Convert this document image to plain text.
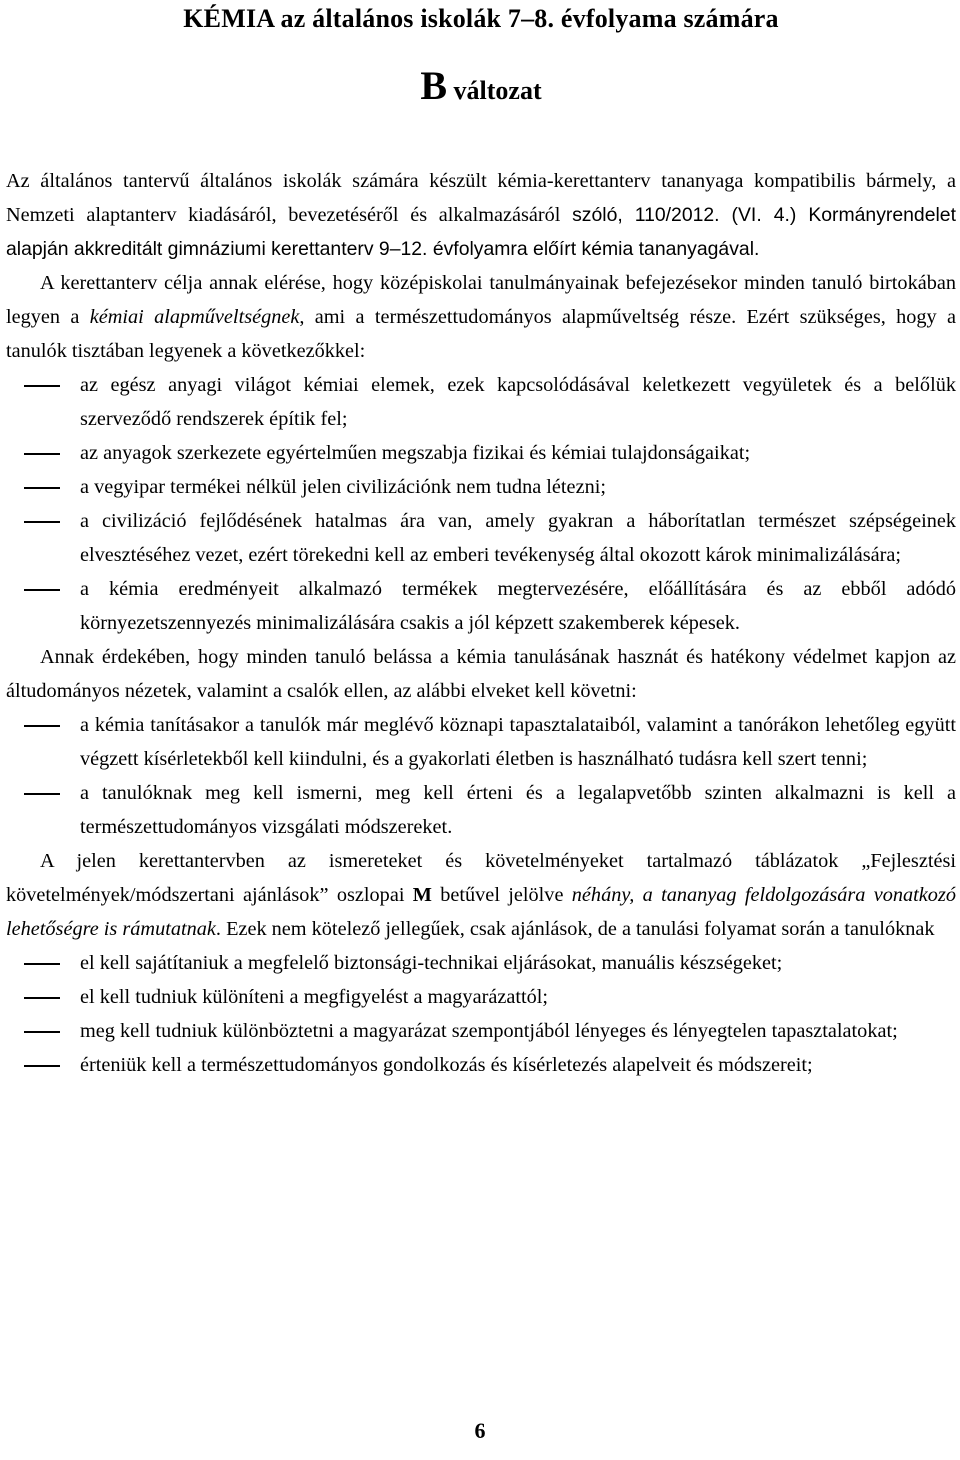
KÉMIA az általános iskolák 7–8. évfolyama számára
B változat

Az általános tantervű általános iskolák számára készült kémia-kerettanterv tananyaga kompatibilis bármely, a Nemzeti alaptanterv kiadásáról, bevezetéséről és alkalmazásáról szóló, 110/2012. (VI. 4.) Kormányrendelet alapján akkreditált gimnáziumi kerettanterv 9–12. évfolyamra előírt kémia tananyagával.

A kerettanterv célja annak elérése, hogy középiskolai tanulmányainak befejezésekor minden tanuló birtokában legyen a kémiai alapműveltségnek, ami a természettudományos alapműveltség része. Ezért szükséges, hogy a tanulók tisztában legyenek a következőkkel:

az egész anyagi világot kémiai elemek, ezek kapcsolódásával keletkezett vegyületek és a belőlük szerveződő rendszerek építik fel;
az anyagok szerkezete egyértelműen megszabja fizikai és kémiai tulajdonságaikat;
a vegyipar termékei nélkül jelen civilizációnk nem tudna létezni;
a civilizáció fejlődésének hatalmas ára van, amely gyakran a háborítatlan természet szépségeinek elvesztéséhez vezet, ezért törekedni kell az emberi tevékenység által okozott károk minimalizálására;
a kémia eredményeit alkalmazó termékek megtervezésére, előállítására és az ebből adódó környezetszennyezés minimalizálására csakis a jól képzett szakemberek képesek.

Annak érdekében, hogy minden tanuló belássa a kémia tanulásának hasznát és hatékony védelmet kapjon az áltudományos nézetek, valamint a csalók ellen, az alábbi elveket kell követni:

a kémia tanításakor a tanulók már meglévő köznapi tapasztalataiból, valamint a tanórákon lehetőleg együtt végzett kísérletekből kell kiindulni, és a gyakorlati életben is használható tudásra kell szert tenni;
a tanulóknak meg kell ismerni, meg kell érteni és a legalapvetőbb szinten alkalmazni is kell a természettudományos vizsgálati módszereket.

A jelen kerettantervben az ismereteket és követelményeket tartalmazó táblázatok „Fejlesztési követelmények/módszertani ajánlások” oszlopai M betűvel jelölve néhány, a tananyag feldolgozására vonatkozó lehetőségre is rámutatnak. Ezek nem kötelező jellegűek, csak ajánlások, de a tanulási folyamat során a tanulóknak

el kell sajátítaniuk a megfelelő biztonsági-technikai eljárásokat, manuális készségeket;
el kell tudniuk különíteni a megfigyelést a magyarázattól;
meg kell tudniuk különböztetni a magyarázat szempontjából lényeges és lényegtelen tapasztalatokat;
érteniük kell a természettudományos gondolkozás és kísérletezés alapelveit és módszereit;
6
